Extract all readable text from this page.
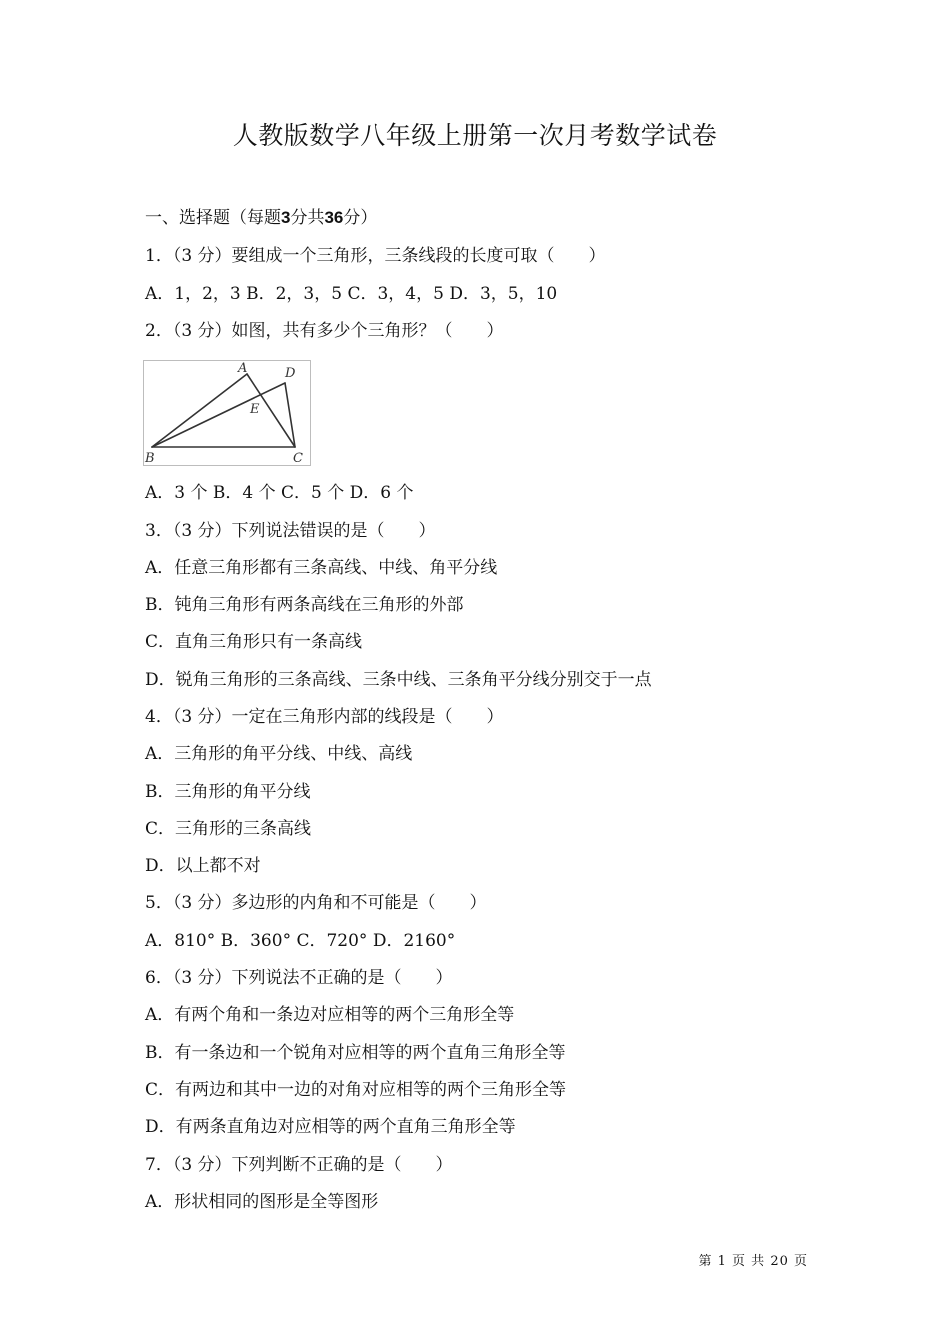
人教版数学八年级上册第一次月考数学试卷
一、选择题（每题3分共36分）
1．（3 分）要组成一个三角形，三条线段的长度可取（　　）
A．1，2，3 B．2，3，5 C．3，4，5 D．3，5，10
2．（3 分）如图，共有多少个三角形？（　　）
A
B	C
D
E
A．3 个 B．4 个 C．5 个 D．6 个
3．（3 分）下列说法错误的是（　　）
A．任意三角形都有三条高线、中线、角平分线
B．钝角三角形有两条高线在三角形的外部
C．直角三角形只有一条高线
D．锐角三角形的三条高线、三条中线、三条角平分线分别交于一点
4．（3 分）一定在三角形内部的线段是（　　）
A．三角形的角平分线、中线、高线
B．三角形的角平分线
C．三角形的三条高线
D．以上都不对
5．（3 分）多边形的内角和不可能是（　　）
A．810° B．360° C．720° D．2160°
6．（3 分）下列说法不正确的是（　　）
A．有两个角和一条边对应相等的两个三角形全等
B．有一条边和一个锐角对应相等的两个直角三角形全等
C．有两边和其中一边的对角对应相等的两个三角形全等
D．有两条直角边对应相等的两个直角三角形全等
7．（3 分）下列判断不正确的是（　　）
A．形状相同的图形是全等图形
第 1 页 共 20 页
